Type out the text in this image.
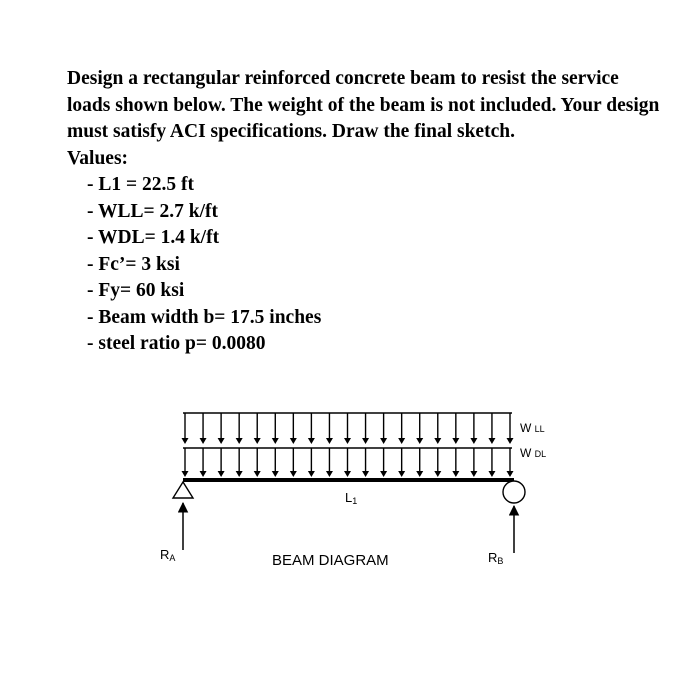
Design a rectangular reinforced concrete beam to resist the service loads shown below. The weight of the beam is not included. Your design must satisfy ACI specifications. Draw the final sketch.

Values:

- L1 = 22.5 ft
- WLL= 2.7 k/ft
- WDL= 1.4 k/ft
- Fc’= 3 ksi
- Fy= 60 ksi
- Beam width b= 17.5 inches
- steel ratio p= 0.0080
W LL
W DL
L1
RA	RB
BEAM DIAGRAM
